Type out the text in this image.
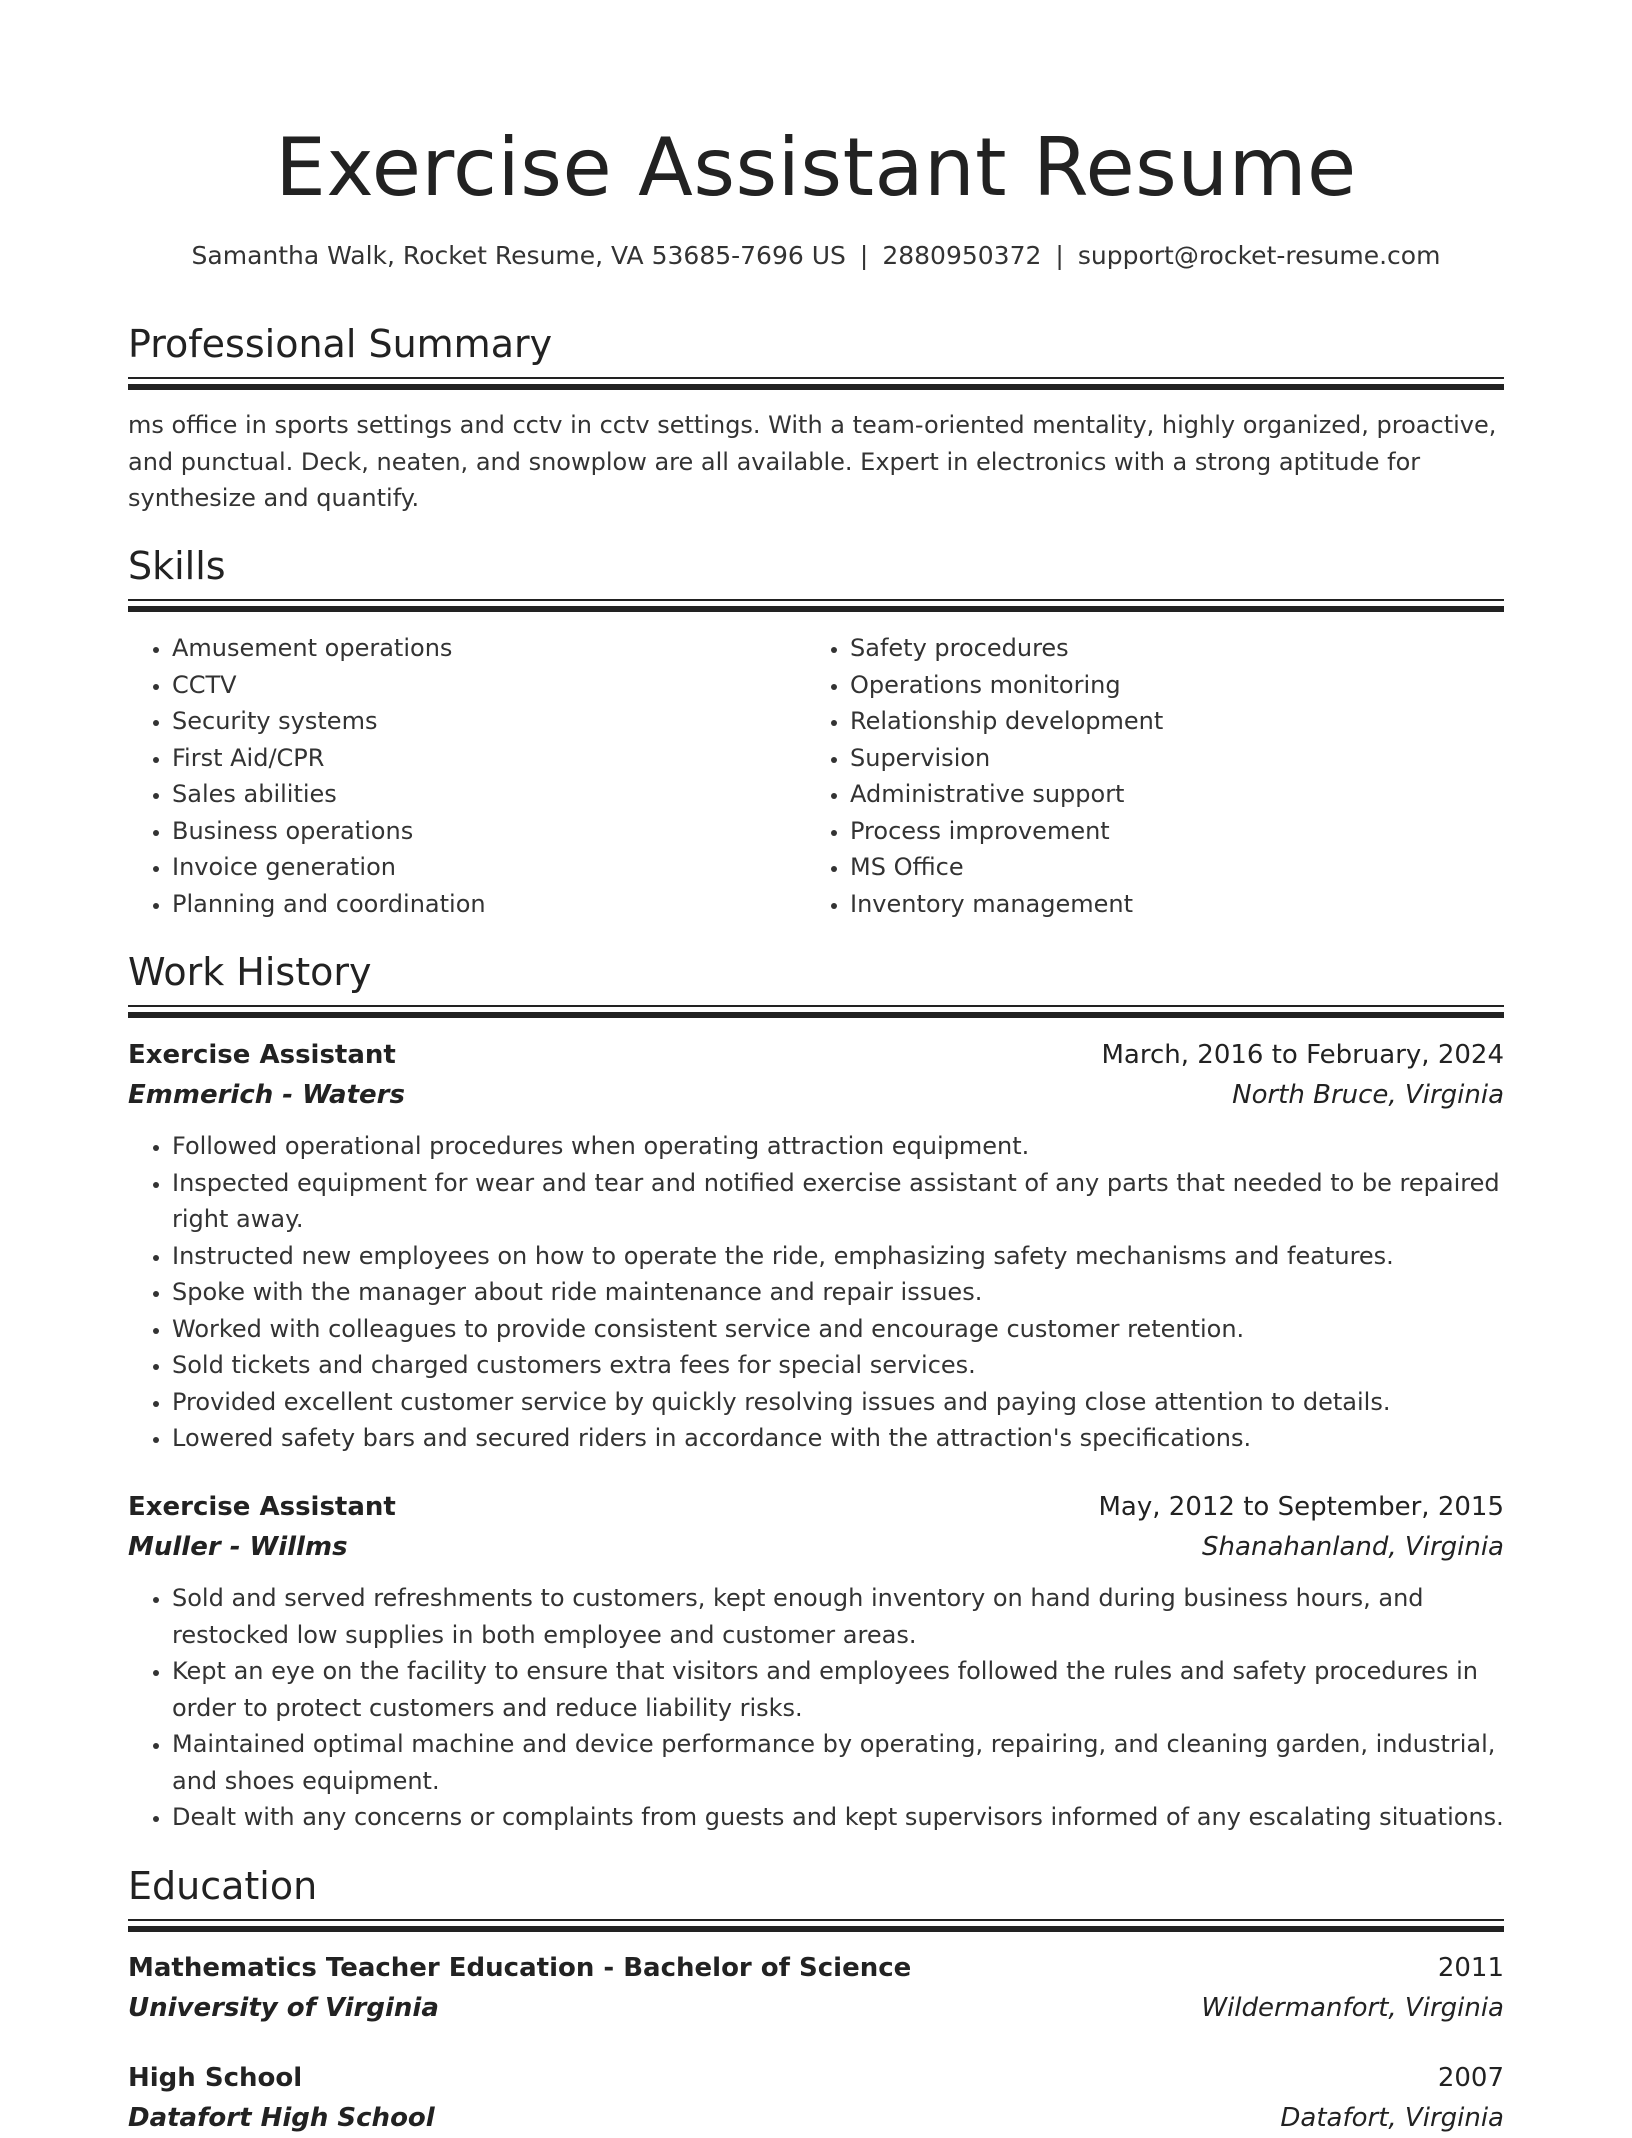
Exercise Assistant Resume
Samantha Walk, Rocket Resume, VA 53685-7696 US | 2880950372 | support@rocket-resume.com
Professional Summary

ms office in sports settings and cctv in cctv settings. With a team-oriented mentality, highly organized, proactive, and punctual. Deck, neaten, and snowplow are all available. Expert in electronics with a strong aptitude for synthesize and quantify.

Skills
• Amusement operations
• CCTV
• Security systems
• First Aid/CPR
• Sales abilities
• Business operations
• Invoice generation
• Planning and coordination
• Safety procedures
• Operations monitoring
• Relationship development
• Supervision
• Administrative support
• Process improvement
• MS Office
• Inventory management
Work History
Exercise Assistant	March, 2016 to February, 2024
Emmerich - Waters	North Bruce, Virginia
• Followed operational procedures when operating attraction equipment.
• Inspected equipment for wear and tear and notified exercise assistant of any parts that needed to be repaired right away.
• Instructed new employees on how to operate the ride, emphasizing safety mechanisms and features.
• Spoke with the manager about ride maintenance and repair issues.
• Worked with colleagues to provide consistent service and encourage customer retention.
• Sold tickets and charged customers extra fees for special services.
• Provided excellent customer service by quickly resolving issues and paying close attention to details.
• Lowered safety bars and secured riders in accordance with the attraction's specifications.
Exercise Assistant	May, 2012 to September, 2015
Muller - Willms	Shanahanland, Virginia
• Sold and served refreshments to customers, kept enough inventory on hand during business hours, and restocked low supplies in both employee and customer areas.
• Kept an eye on the facility to ensure that visitors and employees followed the rules and safety procedures in order to protect customers and reduce liability risks.
• Maintained optimal machine and device performance by operating, repairing, and cleaning garden, industrial, and shoes equipment.
• Dealt with any concerns or complaints from guests and kept supervisors informed of any escalating situations.
Education
Mathematics Teacher Education - Bachelor of Science	2011
University of Virginia	Wildermanfort, Virginia
High School	2007
Datafort High School	Datafort, Virginia
